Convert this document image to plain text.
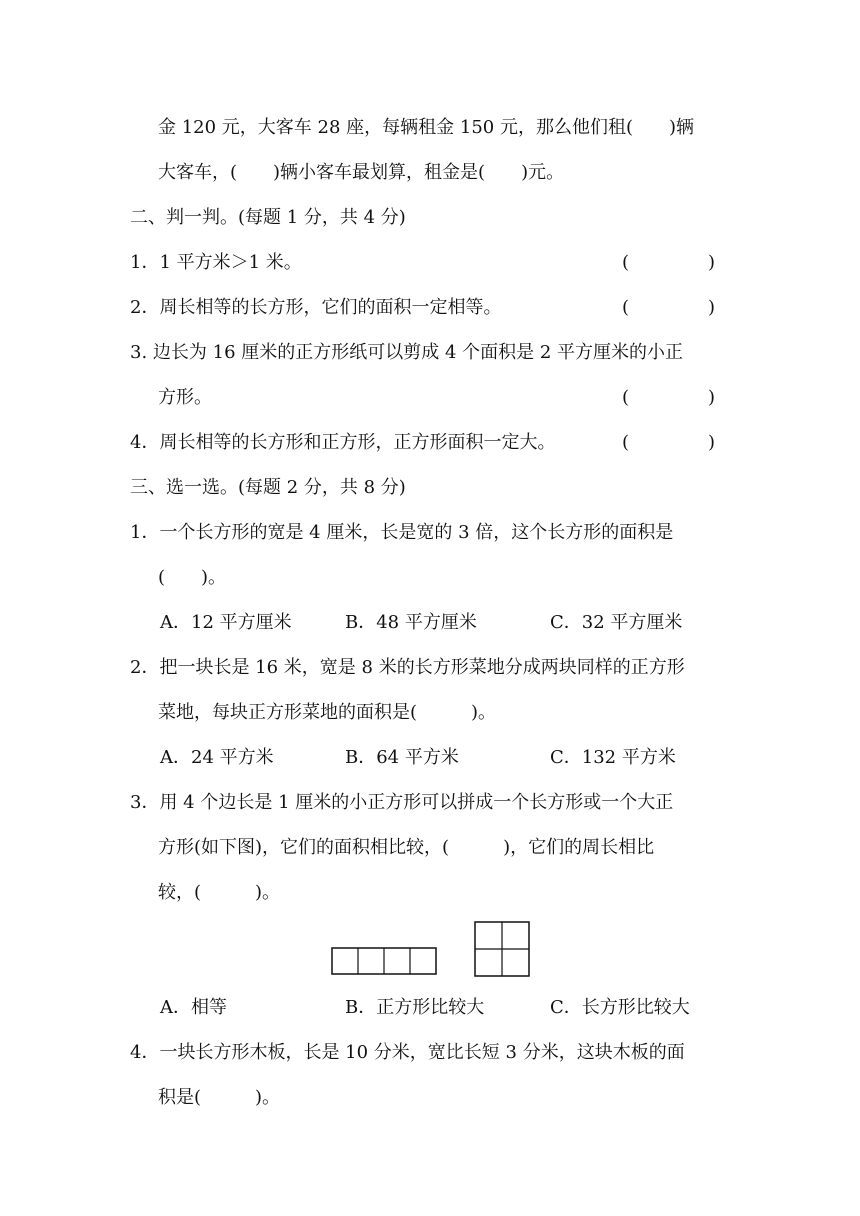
金 120 元，大客车 28 座，每辆租金 150 元，那么他们租(　　)辆
大客车，(　　)辆小客车最划算，租金是(　　)元。
二、判一判。(每题 1 分，共 4 分)
1．1 平方米＞1 米。	(	)
2．周长相等的长方形，它们的面积一定相等。	(	)
3. 边长为 16 厘米的正方形纸可以剪成 4 个面积是 2 平方厘米的小正
方形。	(	)
4．周长相等的长方形和正方形，正方形面积一定大。	(	)
三、选一选。(每题 2 分，共 8 分)
1．一个长方形的宽是 4 厘米，长是宽的 3 倍，这个长方形的面积是
(　　)。
A．12 平方厘米	B．48 平方厘米	C．32 平方厘米
2．把一块长是 16 米，宽是 8 米的长方形菜地分成两块同样的正方形
菜地，每块正方形菜地的面积是(　　　)。
A．24 平方米	B．64 平方米	C．132 平方米
3．用 4 个边长是 1 厘米的小正方形可以拼成一个长方形或一个大正
方形(如下图)，它们的面积相比较，(　　　)，它们的周长相比
较，(　　　)。
A．相等	B．正方形比较大	C．长方形比较大
4．一块长方形木板，长是 10 分米，宽比长短 3 分米，这块木板的面
积是(　　　)。
